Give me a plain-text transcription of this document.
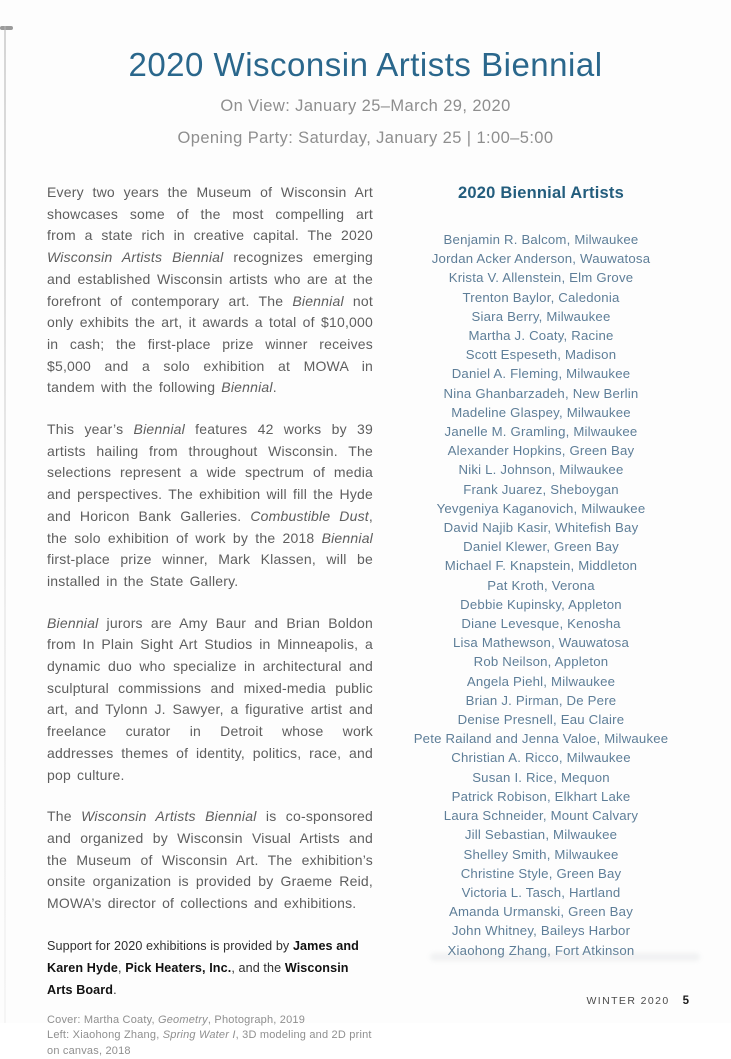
2020 Wisconsin Artists Biennial

On View: January 25–March 29, 2020

Opening Party: Saturday, January 25 | 1:00–5:00

Every two years the Museum of Wisconsin Art showcases some of the most compelling art from a state rich in creative capital. The 2020 Wisconsin Artists Biennial recognizes emerging and established Wisconsin artists who are at the forefront of contemporary art. The Biennial not only exhibits the art, it awards a total of $10,000 in cash; the first-place prize winner receives $5,000 and a solo exhibition at MOWA in tandem with the following Biennial.

This year’s Biennial features 42 works by 39 artists hailing from throughout Wisconsin. The selections represent a wide spectrum of media and perspectives. The exhibition will fill the Hyde and Horicon Bank Galleries. Combustible Dust, the solo exhibition of work by the 2018 Biennial first-place prize winner, Mark Klassen, will be installed in the State Gallery.

Biennial jurors are Amy Baur and Brian Boldon from In Plain Sight Art Studios in Minneapolis, a dynamic duo who specialize in architectural and sculptural commissions and mixed-media public art, and Tylonn J. Sawyer, a figurative artist and freelance curator in Detroit whose work addresses themes of identity, politics, race, and pop culture.

The Wisconsin Artists Biennial is co-sponsored and organized by Wisconsin Visual Artists and the Museum of Wisconsin Art. The exhibition’s onsite organization is provided by Graeme Reid, MOWA’s director of collections and exhibitions.

Support for 2020 exhibitions is provided by James and Karen Hyde, Pick Heaters, Inc., and the Wisconsin Arts Board.

Cover: Martha Coaty, Geometry, Photograph, 2019

Left: Xiaohong Zhang, Spring Water I, 3D modeling and 2D print on canvas, 2018

2020 Biennial Artists
Benjamin R. Balcom, Milwaukee
Jordan Acker Anderson, Wauwatosa
Krista V. Allenstein, Elm Grove
Trenton Baylor, Caledonia
Siara Berry, Milwaukee
Martha J. Coaty, Racine
Scott Espeseth, Madison
Daniel A. Fleming, Milwaukee
Nina Ghanbarzadeh, New Berlin
Madeline Glaspey, Milwaukee
Janelle M. Gramling, Milwaukee
Alexander Hopkins, Green Bay
Niki L. Johnson, Milwaukee
Frank Juarez, Sheboygan
Yevgeniya Kaganovich, Milwaukee
David Najib Kasir, Whitefish Bay
Daniel Klewer, Green Bay
Michael F. Knapstein, Middleton
Pat Kroth, Verona
Debbie Kupinsky, Appleton
Diane Levesque, Kenosha
Lisa Mathewson, Wauwatosa
Rob Neilson, Appleton
Angela Piehl, Milwaukee
Brian J. Pirman, De Pere
Denise Presnell, Eau Claire
Pete Railand and Jenna Valoe, Milwaukee
Christian A. Ricco, Milwaukee
Susan I. Rice, Mequon
Patrick Robison, Elkhart Lake
Laura Schneider, Mount Calvary
Jill Sebastian, Milwaukee
Shelley Smith, Milwaukee
Christine Style, Green Bay
Victoria L. Tasch, Hartland
Amanda Urmanski, Green Bay
John Whitney, Baileys Harbor
Xiaohong Zhang, Fort Atkinson
WINTER 2020 5
